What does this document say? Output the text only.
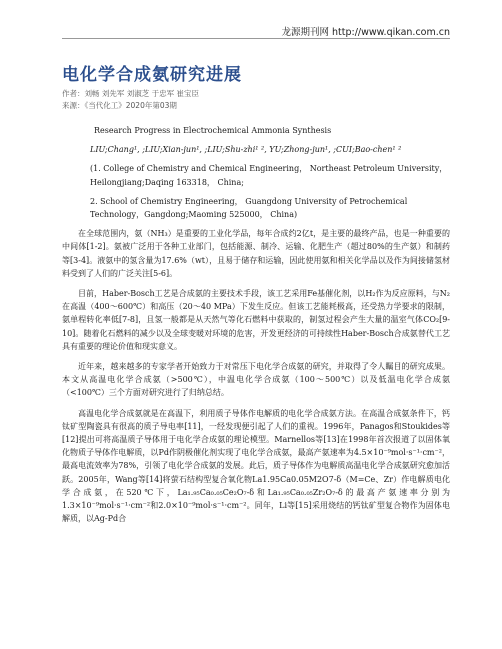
龙源期刊网 http://www.qikan.com.cn
电化学合成氨研究进展
作者：刘畅 刘先军 刘淑芝 于忠军 崔宝臣
来源：《当代化工》2020年第03期

Research Progress in Electrochemical Ammonia Synthesis

LIU;Chang¹, ;LIU;Xian-jun¹, ;LIU;Shu-zhi¹ ², YU;Zhong-jun¹, ;CUI;Bao-chen¹ ²

(1. College of Chemistry and Chemical Engineering， Northeast Petroleum University，Heilongjiang;Daqing 163318， China;

2. School of Chemistry Engineering， Guangdong University of Petrochemical Technology，Gangdong;Maoming 525000， China)

在全球范围内，氨（NH₃）是重要的工业化学品，每年合成约2亿t，是主要的最终产品，也是一种重要的中间体[1-2]。氨被广泛用于各种工业部门，包括能源、制冷、运输、化肥生产（超过80%的生产氨）和制药等[3-4]。液氨中的氢含量为17.6%（wt），且易于储存和运输，因此使用氨和相关化学品以及作为间接储氢材料受到了人们的广泛关注[5-6]。

目前，Haber-Bosch工艺是合成氨的主要技术手段，该工艺采用Fe基催化剂，以H₂作为反应原料，与N₂在高温（400～600℃）和高压（20～40 MPa）下发生反应。但该工艺能耗极高，还受热力学要求的限制，氨单程转化率低[7-8]，且氢一般都是从天然气等化石燃料中获取的，制氢过程会产生大量的温室气体CO₂[9-10]。随着化石燃料的减少以及全球变暖对环境的危害，开发更经济的可持续性Haber-Bosch合成氨替代工艺具有重要的理论价值和现实意义。

近年来，越来越多的专家学者开始致力于对常压下电化学合成氨的研究，并取得了令人瞩目的研究成果。本文从高温电化学合成氨（>500℃），中温电化学合成氨（100～500℃）以及低温电化学合成氨（<100℃）三个方面对研究进行了归纳总结。

高温电化学合成氨就是在高温下，利用质子导体作电解质的电化学合成氨方法。在高温合成氨条件下，钙钛矿型陶瓷具有很高的质子导电率[11]，一经发现便引起了人们的重视。1996年，Panagos和Stoukides等[12]提出可将高温质子导体用于电化学合成氨的理论模型。Marnellos等[13]在1998年首次报道了以固体氧化物质子导体作电解质，以Pd作阴极催化剂实现了电化学合成氨，最高产氨速率为4.5×10⁻⁹mol·s⁻¹·cm⁻²，最高电流效率为78%，引领了电化学合成氨的发展。此后，质子导体作为电解质高温电化学合成氨研究愈加活跃。2005年，Wang等[14]将萤石结构型复合氧化物La1.95Ca0.05M2O7-δ（M=Ce、Zr）作电解质电化学合成氨，在520℃下，La₁.₉₅Ca₀.₀₅Ce₂O₇-δ和La₁.₉₅Ca₀.₀₅Zr₂O₇-δ的最高产氨速率分别为1.3×10⁻⁹mol·s⁻¹·cm⁻²和2.0×10⁻⁹mol·s⁻¹·cm⁻²。同年，Li等[15]采用烧结的钙钛矿型复合物作为固体电解质，以Ag-Pd合
